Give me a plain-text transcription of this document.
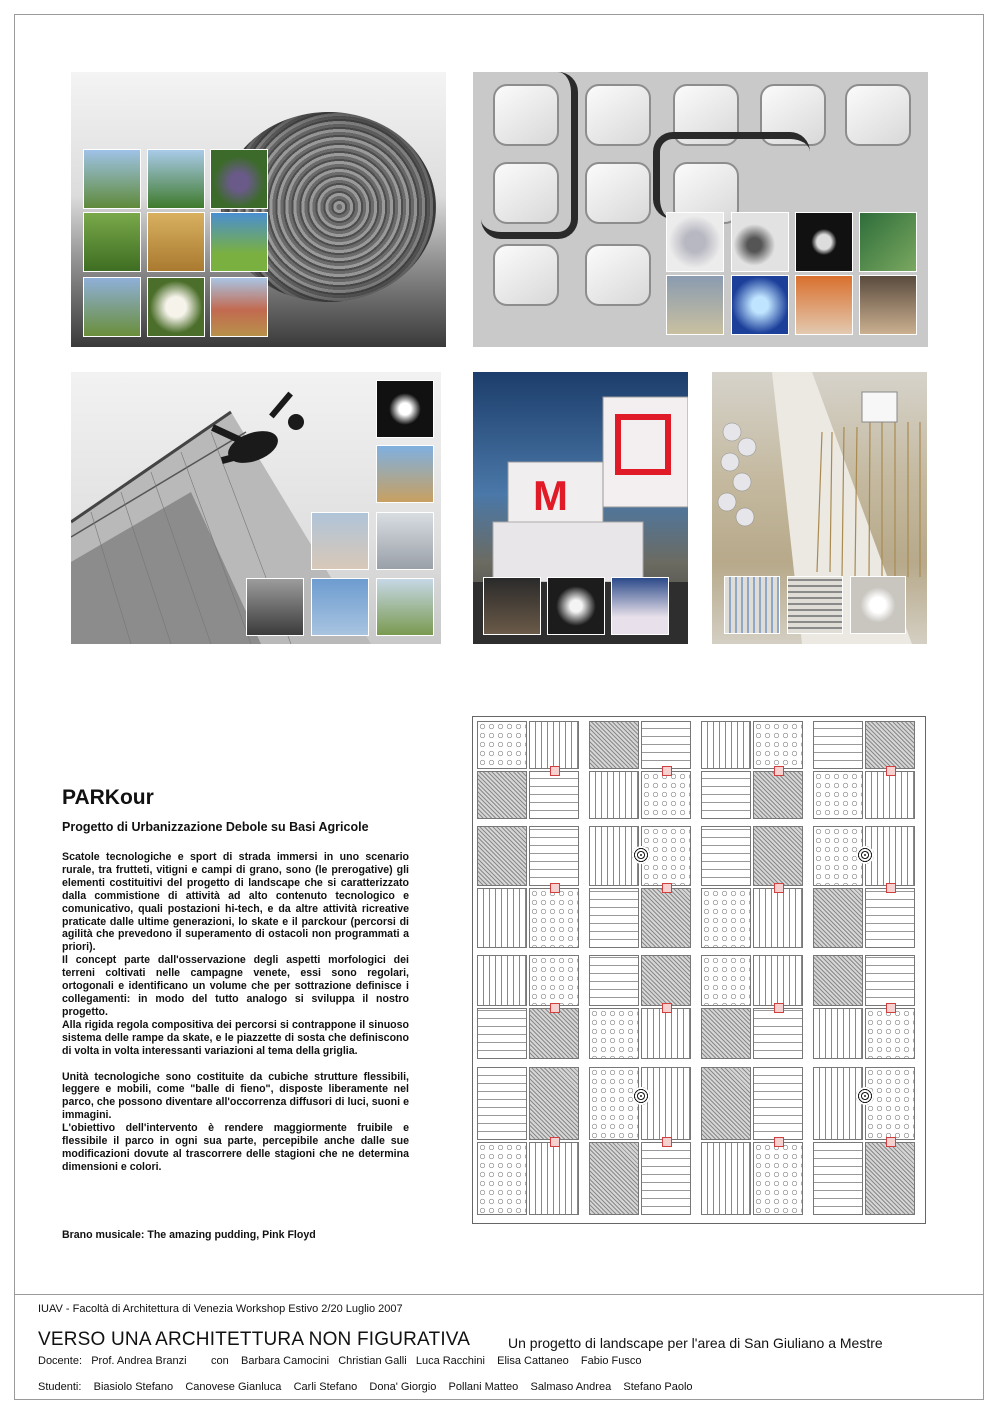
M
PARKour
Progetto di Urbanizzazione Debole su Basi Agricole

Scatole tecnologiche e sport di strada immersi in uno scenario rurale, tra frutteti, vitigni e campi di grano, sono (le prerogative) gli elementi costituitivi del progetto di landscape che si caratterizzato dalla commistione di attività ad alto contenuto tecnologico e comunicativo, quali postazioni hi-tech, e da altre attività ricreative praticate dalle ultime generazioni, lo skate e il parckour (percorsi di agilità che prevedono il superamento di ostacoli non programmati a priori).
Il concept parte dall'osservazione degli aspetti morfologici dei terreni coltivati nelle campagne venete, essi sono regolari, ortogonali e identificano un volume che per sottrazione definisce i collegamenti: in modo del tutto analogo si sviluppa il nostro progetto.
Alla rigida regola compositiva dei percorsi si contrappone il sinuoso sistema delle rampe da skate, e le piazzette di sosta che definiscono di volta in volta interessanti variazioni al tema della griglia.

Unità tecnologiche sono costituite da cubiche strutture flessibili, leggere e mobili, come "balle di fieno", disposte liberamente nel parco, che possono diventare all'occorrenza diffusori di luci, suoni e immagini.
L'obiettivo dell'intervento è rendere maggiormente fruibile e flessibile il parco in ogni sua parte, percepibile anche dalle sue modificazioni dovute al trascorrere delle stagioni che ne determina dimensioni e colori.

Brano musicale: The amazing pudding, Pink Floyd
IUAV - Facoltà di Architettura di Venezia Workshop Estivo 2/20 Luglio 2007
VERSO UNA ARCHITETTURA NON FIGURATIVA	Un progetto di landscape per l'area di San Giuliano a Mestre
Docente:   Prof. Andrea Branzi        con    Barbara Camocini   Christian Galli   Luca Racchini    Elisa Cattaneo    Fabio Fusco
Studenti:    Biasiolo Stefano    Canovese Gianluca    Carli Stefano    Dona' Giorgio    Pollani Matteo    Salmaso Andrea    Stefano Paolo
